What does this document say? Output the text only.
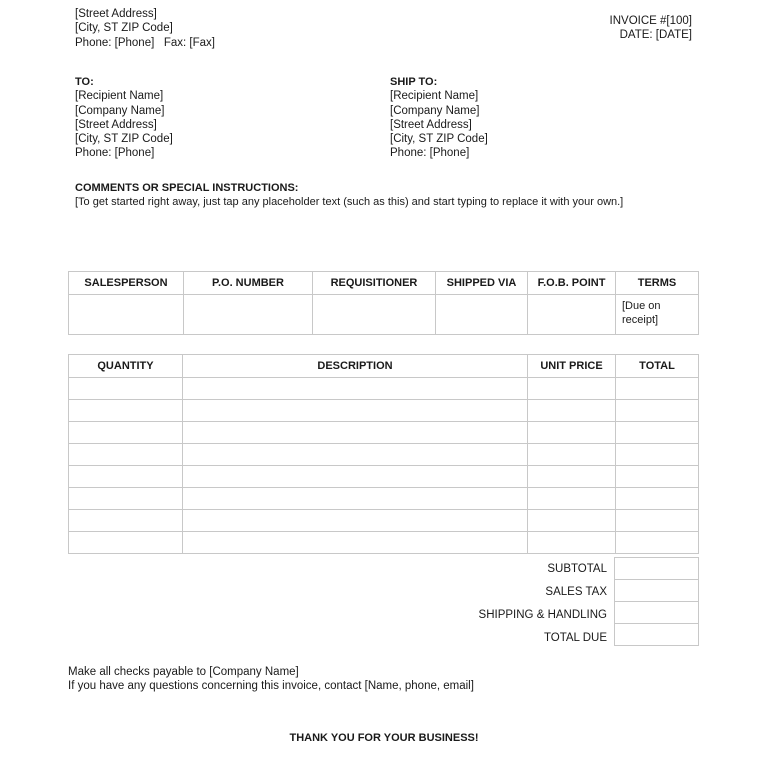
[Street Address]
[City, ST ZIP Code]
Phone: [Phone]   Fax: [Fax]
INVOICE #[100]
DATE: [DATE]
TO:
[Recipient Name]
[Company Name]
[Street Address]
[City, ST ZIP Code]
Phone: [Phone]
SHIP TO:
[Recipient Name]
[Company Name]
[Street Address]
[City, ST ZIP Code]
Phone: [Phone]
COMMENTS OR SPECIAL INSTRUCTIONS:
[To get started right away, just tap any placeholder text (such as this) and start typing to replace it with your own.]
SALESPERSON	P.O. NUMBER	REQUISITIONER	SHIPPED VIA	F.O.B. POINT	TERMS
					[Due on receipt]
QUANTITY	DESCRIPTION	UNIT PRICE	TOTAL

SUBTOTAL
SALES TAX
SHIPPING & HANDLING
TOTAL DUE

Make all checks payable to [Company Name]
If you have any questions concerning this invoice, contact [Name, phone, email]
THANK YOU FOR YOUR BUSINESS!
